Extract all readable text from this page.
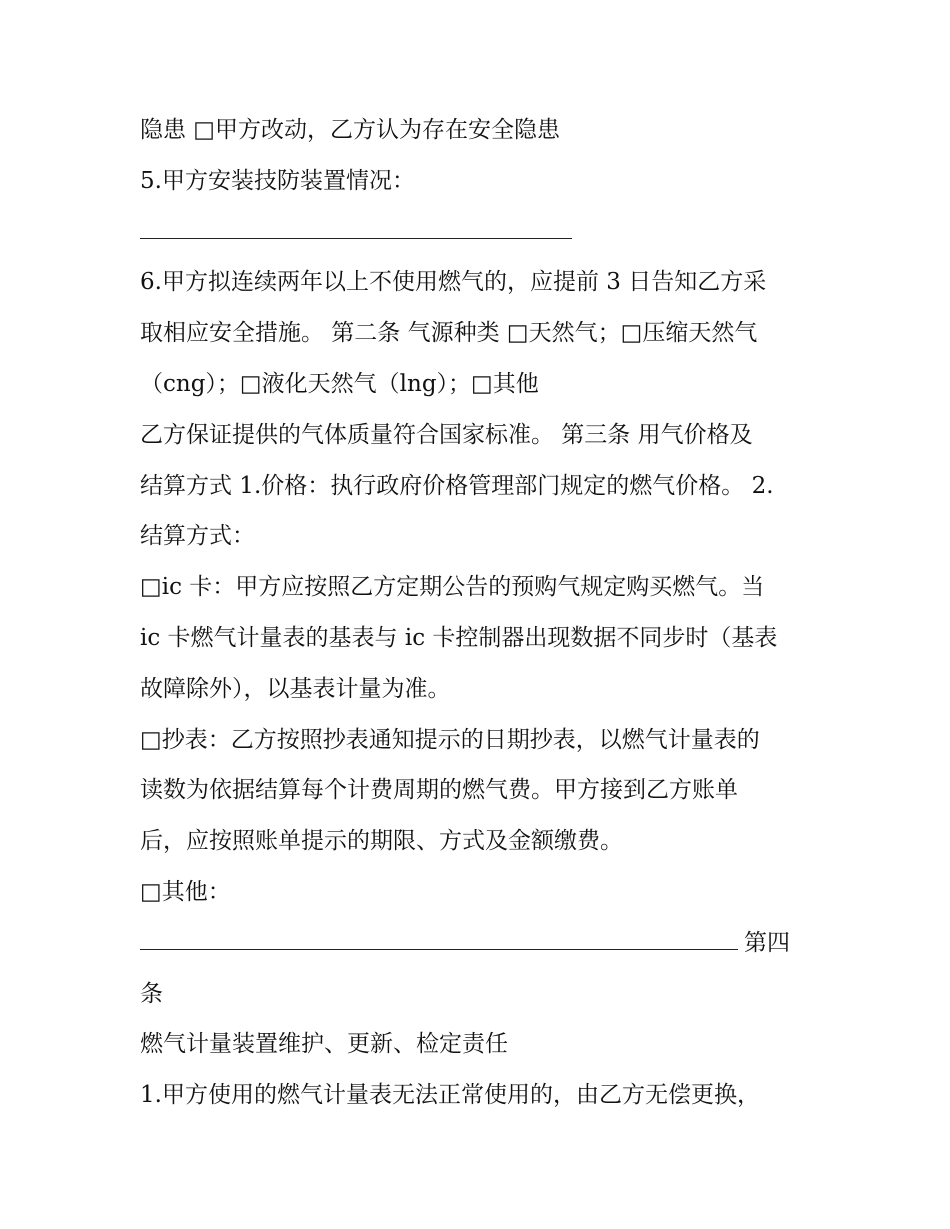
隐患 □甲方改动，乙方认为存在安全隐患
5.甲方安装技防装置情况：
6.甲方拟连续两年以上不使用燃气的，应提前 3 日告知乙方采
取相应安全措施。 第二条 气源种类 □天然气；□压缩天然气
（cng）；□液化天然气（lng）；□其他
乙方保证提供的气体质量符合国家标准。 第三条 用气价格及
结算方式 1.价格：执行政府价格管理部门规定的燃气价格。 2.
结算方式：
□ic 卡：甲方应按照乙方定期公告的预购气规定购买燃气。当
ic 卡燃气计量表的基表与 ic 卡控制器出现数据不同步时（基表
故障除外），以基表计量为准。
□抄表：乙方按照抄表通知提示的日期抄表，以燃气计量表的
读数为依据结算每个计费周期的燃气费。甲方接到乙方账单
后，应按照账单提示的期限、方式及金额缴费。
□其他：
第四
条
燃气计量装置维护、更新、检定责任
1.甲方使用的燃气计量表无法正常使用的，由乙方无偿更换，
